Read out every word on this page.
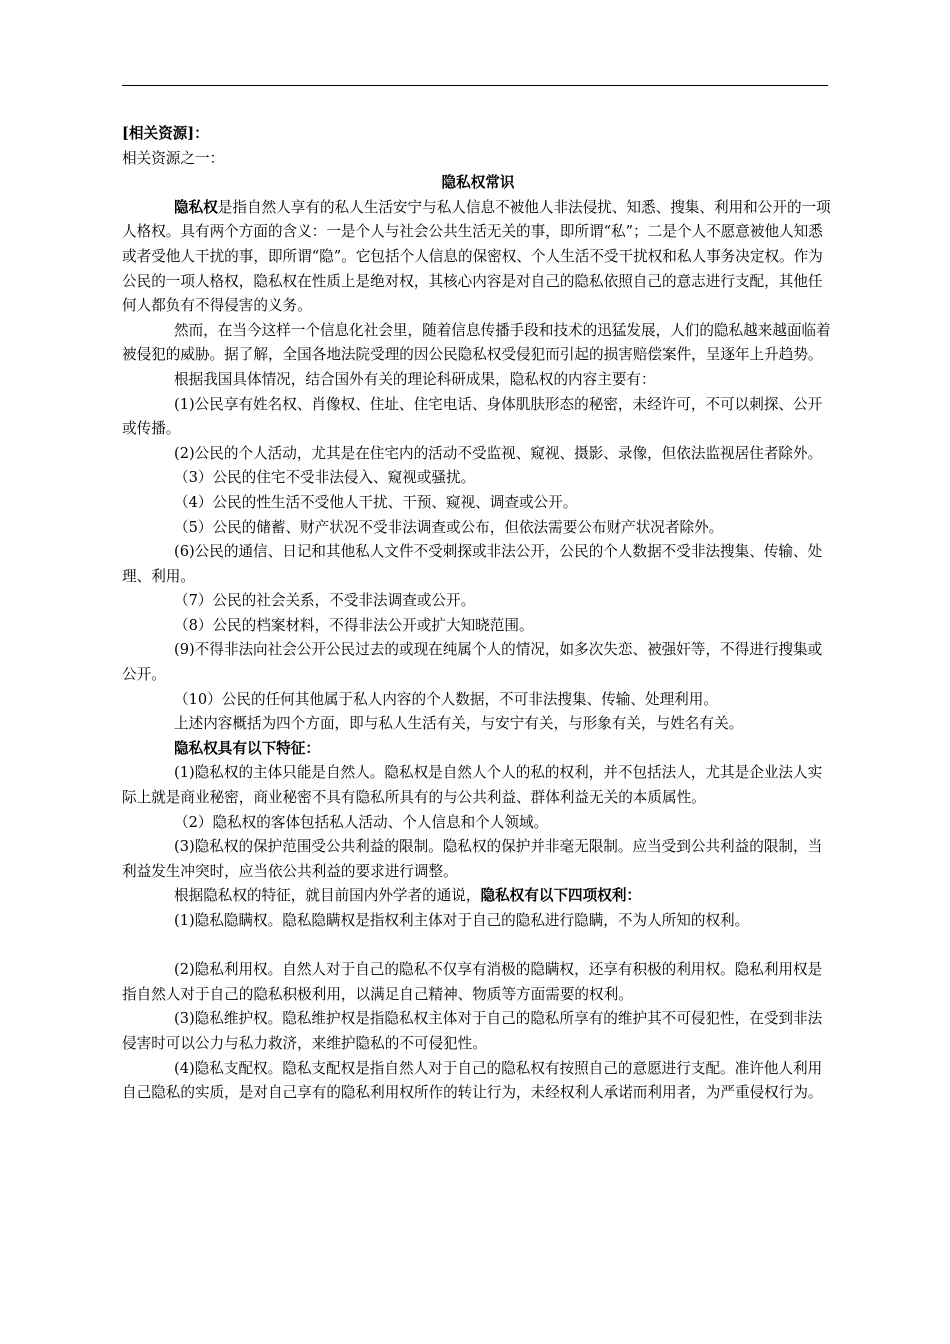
[相关资源]：

相关资源之一：

隐私权常识

隐私权是指自然人享有的私人生活安宁与私人信息不被他人非法侵扰、知悉、搜集、利用和公开的一项人格权。具有两个方面的含义：一是个人与社会公共生活无关的事，即所谓“私”；二是个人不愿意被他人知悉或者受他人干扰的事，即所谓“隐”。它包括个人信息的保密权、个人生活不受干扰权和私人事务决定权。作为公民的一项人格权，隐私权在性质上是绝对权，其核心内容是对自己的隐私依照自己的意志进行支配，其他任何人都负有不得侵害的义务。

然而，在当今这样一个信息化社会里，随着信息传播手段和技术的迅猛发展，人们的隐私越来越面临着被侵犯的威胁。据了解，全国各地法院受理的因公民隐私权受侵犯而引起的损害赔偿案件，呈逐年上升趋势。

根据我国具体情况，结合国外有关的理论科研成果，隐私权的内容主要有：

(1)公民享有姓名权、肖像权、住址、住宅电话、身体肌肤形态的秘密，未经许可，不可以刺探、公开或传播。

(2)公民的个人活动，尤其是在住宅内的活动不受监视、窥视、摄影、录像，但依法监视居住者除外。

（3）公民的住宅不受非法侵入、窥视或骚扰。

（4）公民的性生活不受他人干扰、干预、窥视、调查或公开。

（5）公民的储蓄、财产状况不受非法调查或公布，但依法需要公布财产状况者除外。

(6)公民的通信、日记和其他私人文件不受刺探或非法公开，公民的个人数据不受非法搜集、传输、处理、利用。

（7）公民的社会关系，不受非法调查或公开。

（8）公民的档案材料，不得非法公开或扩大知晓范围。

(9)不得非法向社会公开公民过去的或现在纯属个人的情况，如多次失恋、被强奸等，不得进行搜集或公开。

（10）公民的任何其他属于私人内容的个人数据，不可非法搜集、传输、处理利用。

上述内容概括为四个方面，即与私人生活有关，与安宁有关，与形象有关，与姓名有关。

隐私权具有以下特征：

(1)隐私权的主体只能是自然人。隐私权是自然人个人的私的权利，并不包括法人，尤其是企业法人实际上就是商业秘密，商业秘密不具有隐私所具有的与公共利益、群体利益无关的本质属性。

（2）隐私权的客体包括私人活动、个人信息和个人领域。

(3)隐私权的保护范围受公共利益的限制。隐私权的保护并非毫无限制。应当受到公共利益的限制，当利益发生冲突时，应当依公共利益的要求进行调整。

根据隐私权的特征，就目前国内外学者的通说，隐私权有以下四项权利：

(1)隐私隐瞒权。隐私隐瞒权是指权利主体对于自己的隐私进行隐瞒，不为人所知的权利。

(2)隐私利用权。自然人对于自己的隐私不仅享有消极的隐瞒权，还享有积极的利用权。隐私利用权是指自然人对于自己的隐私积极利用，以满足自己精神、物质等方面需要的权利。

(3)隐私维护权。隐私维护权是指隐私权主体对于自己的隐私所享有的维护其不可侵犯性，在受到非法侵害时可以公力与私力救济，来维护隐私的不可侵犯性。

(4)隐私支配权。隐私支配权是指自然人对于自己的隐私权有按照自己的意愿进行支配。准许他人利用自己隐私的实质，是对自己享有的隐私利用权所作的转让行为，未经权利人承诺而利用者，为严重侵权行为。
